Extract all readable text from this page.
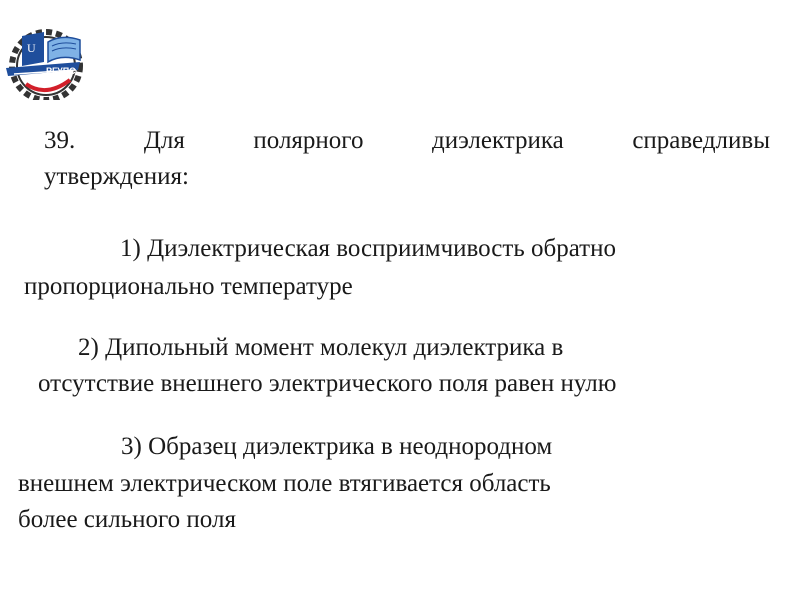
U
РГУПС
39.	Для	полярного	диэлектрика	справедливы
утверждения:
1) Диэлектрическая восприимчивость обратно
пропорционально температуре
2) Дипольный момент молекул диэлектрика в
отсутствие внешнего электрического поля равен нулю
3) Образец диэлектрика в неоднородном
внешнем электрическом поле втягивается область
более сильного поля
